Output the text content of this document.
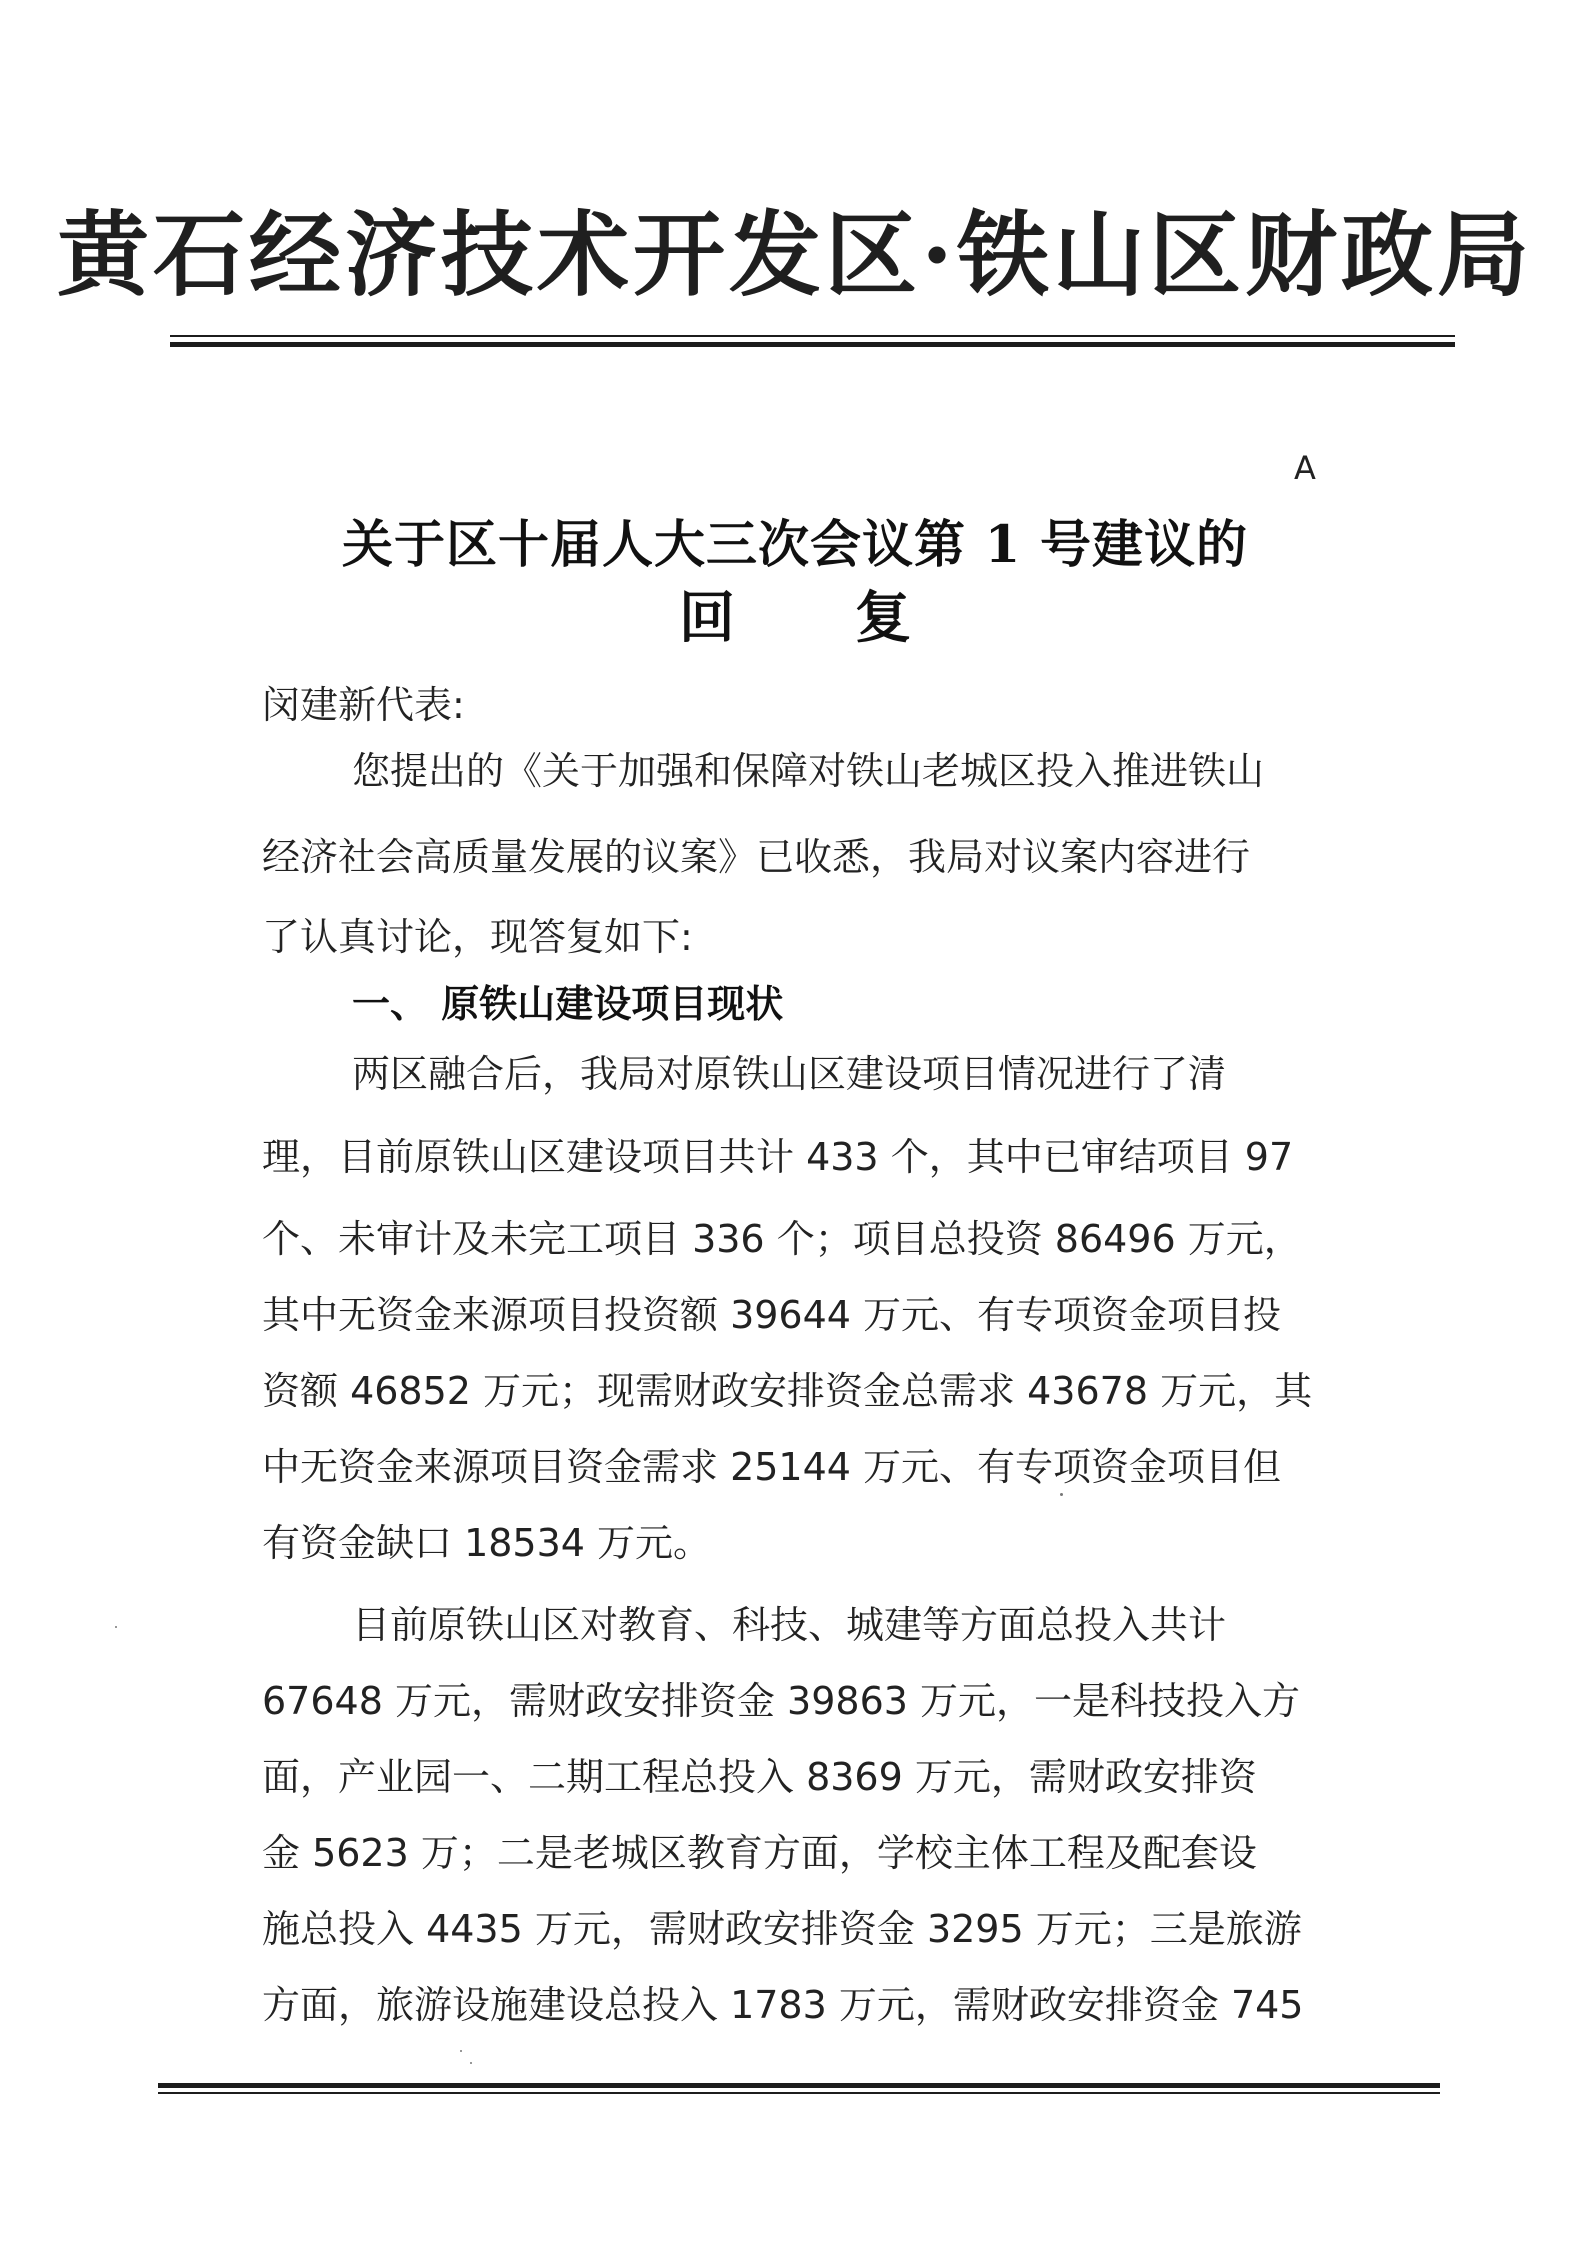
黄石经济技术开发区·铁山区财政局
A
关于区十届人大三次会议第 1 号建议的
回复
闵建新代表:
您提出的《关于加强和保障对铁山老城区投入推进铁山
经济社会高质量发展的议案》已收悉，我局对议案内容进行
了认真讨论，现答复如下:
一、 原铁山建设项目现状
两区融合后，我局对原铁山区建设项目情况进行了清
理，目前原铁山区建设项目共计 433 个，其中已审结项目 97
个、未审计及未完工项目 336 个；项目总投资 86496 万元，
其中无资金来源项目投资额 39644 万元、有专项资金项目投
资额 46852 万元；现需财政安排资金总需求 43678 万元，其
中无资金来源项目资金需求 25144 万元、有专项资金项目但
有资金缺口 18534 万元。
目前原铁山区对教育、科技、城建等方面总投入共计
67648 万元，需财政安排资金 39863 万元，一是科技投入方
面，产业园一、二期工程总投入 8369 万元，需财政安排资
金 5623 万；二是老城区教育方面，学校主体工程及配套设
施总投入 4435 万元，需财政安排资金 3295 万元；三是旅游
方面，旅游设施建设总投入 1783 万元，需财政安排资金 745
